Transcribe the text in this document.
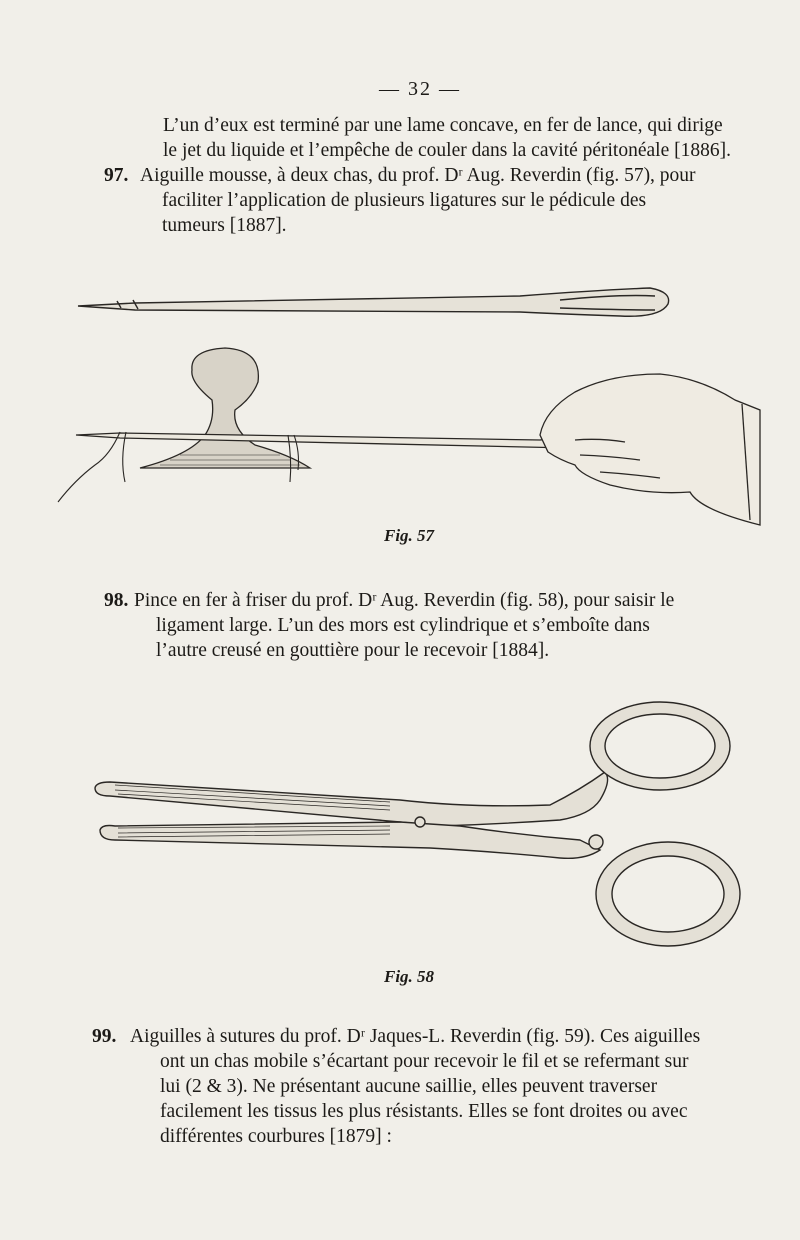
— 32 —

L’un d’eux est terminé par une lame concave, en fer de lance, qui dirige

le jet du liquide et l’empêche de couler dans la cavité péritonéale [1886].

97. Aiguille mousse, à deux chas, du prof. Dʳ Aug. Reverdin (fig. 57), pour

faciliter l’application de plusieurs ligatures sur le pédicule des

tumeurs [1887].

Fig. 57
98. Pince en fer à friser du prof. Dʳ Aug. Reverdin (fig. 58), pour saisir le

ligament large. L’un des mors est cylindrique et s’emboîte dans

l’autre creusé en gouttière pour le recevoir [1884].

Fig. 58
99. Aiguilles à sutures du prof. Dʳ Jaques-L. Reverdin (fig. 59). Ces aiguilles

ont un chas mobile s’écartant pour recevoir le fil et se refermant sur

lui (2 & 3). Ne présentant aucune saillie, elles peuvent traverser

facilement les tissus les plus résistants. Elles se font droites ou avec

différentes courbures [1879] :
